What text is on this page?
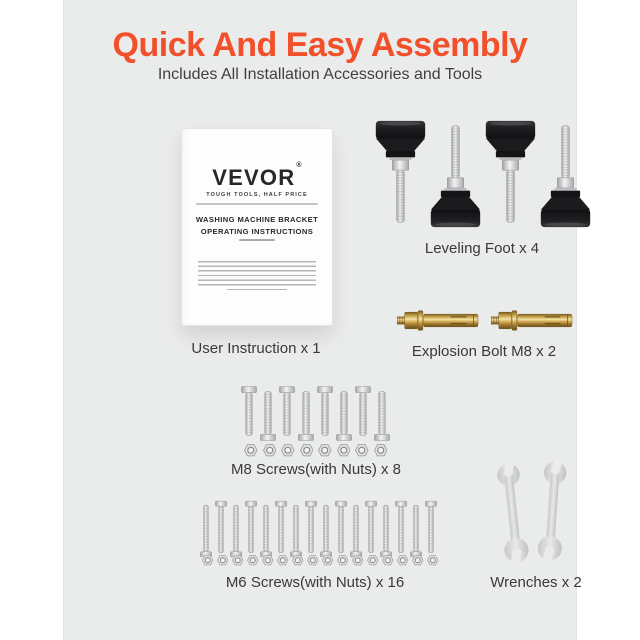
Quick And Easy Assembly
Includes All Installation Accessories and Tools
VEVOR®
TOUGH TOOLS, HALF PRICE
WASHING MACHINE BRACKET
OPERATING INSTRUCTIONS
User Instruction x 1
Leveling Foot x 4
Explosion Bolt M8 x 2
M8 Screws(with Nuts) x 8
M6 Screws(with Nuts) x 16	Wrenches x 2
